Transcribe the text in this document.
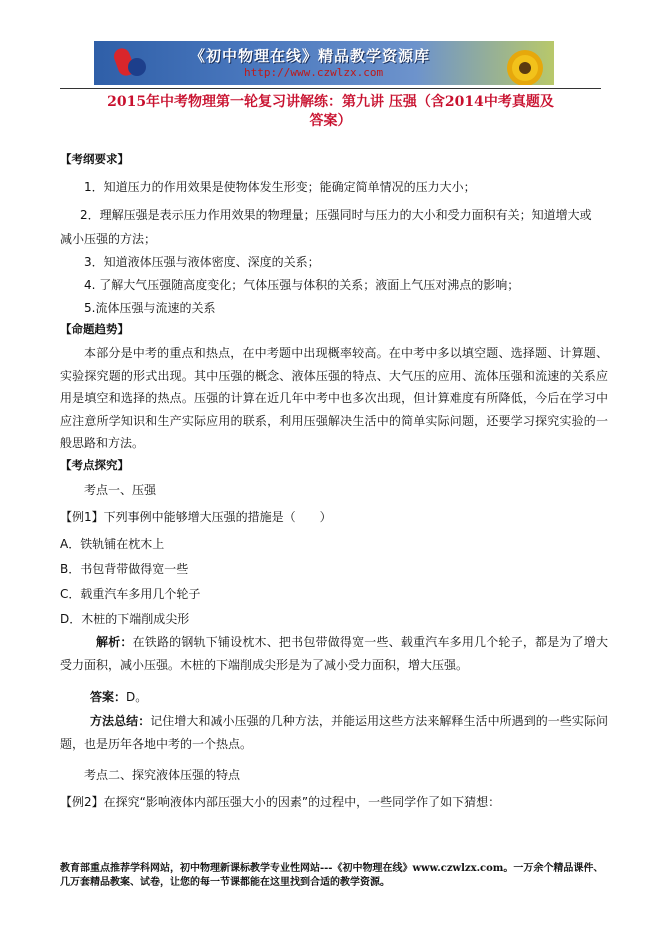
《初中物理在线》精品教学资源库
http://www.czwlzx.com
2015年中考物理第一轮复习讲解练：第九讲 压强（含2014中考真题及
答案）
【考纲要求】
1．知道压力的作用效果是使物体发生形变；能确定简单情况的压力大小；
2．理解压强是表示压力作用效果的物理量；压强同时与压力的大小和受力面积有关；知道增大或
减小压强的方法；
3．知道液体压强与液体密度、深度的关系；
4. 了解大气压强随高度变化；气体压强与体积的关系；液面上气压对沸点的影响；
5.流体压强与流速的关系
【命题趋势】
本部分是中考的重点和热点，在中考题中出现概率较高。在中考中多以填空题、选择题、计算题、实验探究题的形式出现。其中压强的概念、液体压强的特点、大气压的应用、流体压强和流速的关系应用是填空和选择的热点。压强的计算在近几年中考中也多次出现，但计算难度有所降低，今后在学习中应注意所学知识和生产实际应用的联系，利用压强解决生活中的简单实际问题，还要学习探究实验的一般思路和方法。
【考点探究】
考点一、压强
【例1】下列事例中能够增大压强的措施是（　　）
A．铁轨铺在枕木上
B．书包背带做得宽一些
C．载重汽车多用几个轮子
D．木桩的下端削成尖形
解析：在铁路的钢轨下铺设枕木、把书包带做得宽一些、载重汽车多用几个轮子，都是为了增大受力面积，减小压强。木桩的下端削成尖形是为了减小受力面积，增大压强。
答案：D。
方法总结：记住增大和减小压强的几种方法，并能运用这些方法来解释生活中所遇到的一些实际问题，也是历年各地中考的一个热点。
考点二、探究液体压强的特点
【例2】在探究“影响液体内部压强大小的因素”的过程中，一些同学作了如下猜想：
教育部重点推荐学科网站，初中物理新课标教学专业性网站---《初中物理在线》www.czwlzx.com。一万余个精品课件、
几万套精品教案、试卷，让您的每一节课都能在这里找到合适的教学资源。
